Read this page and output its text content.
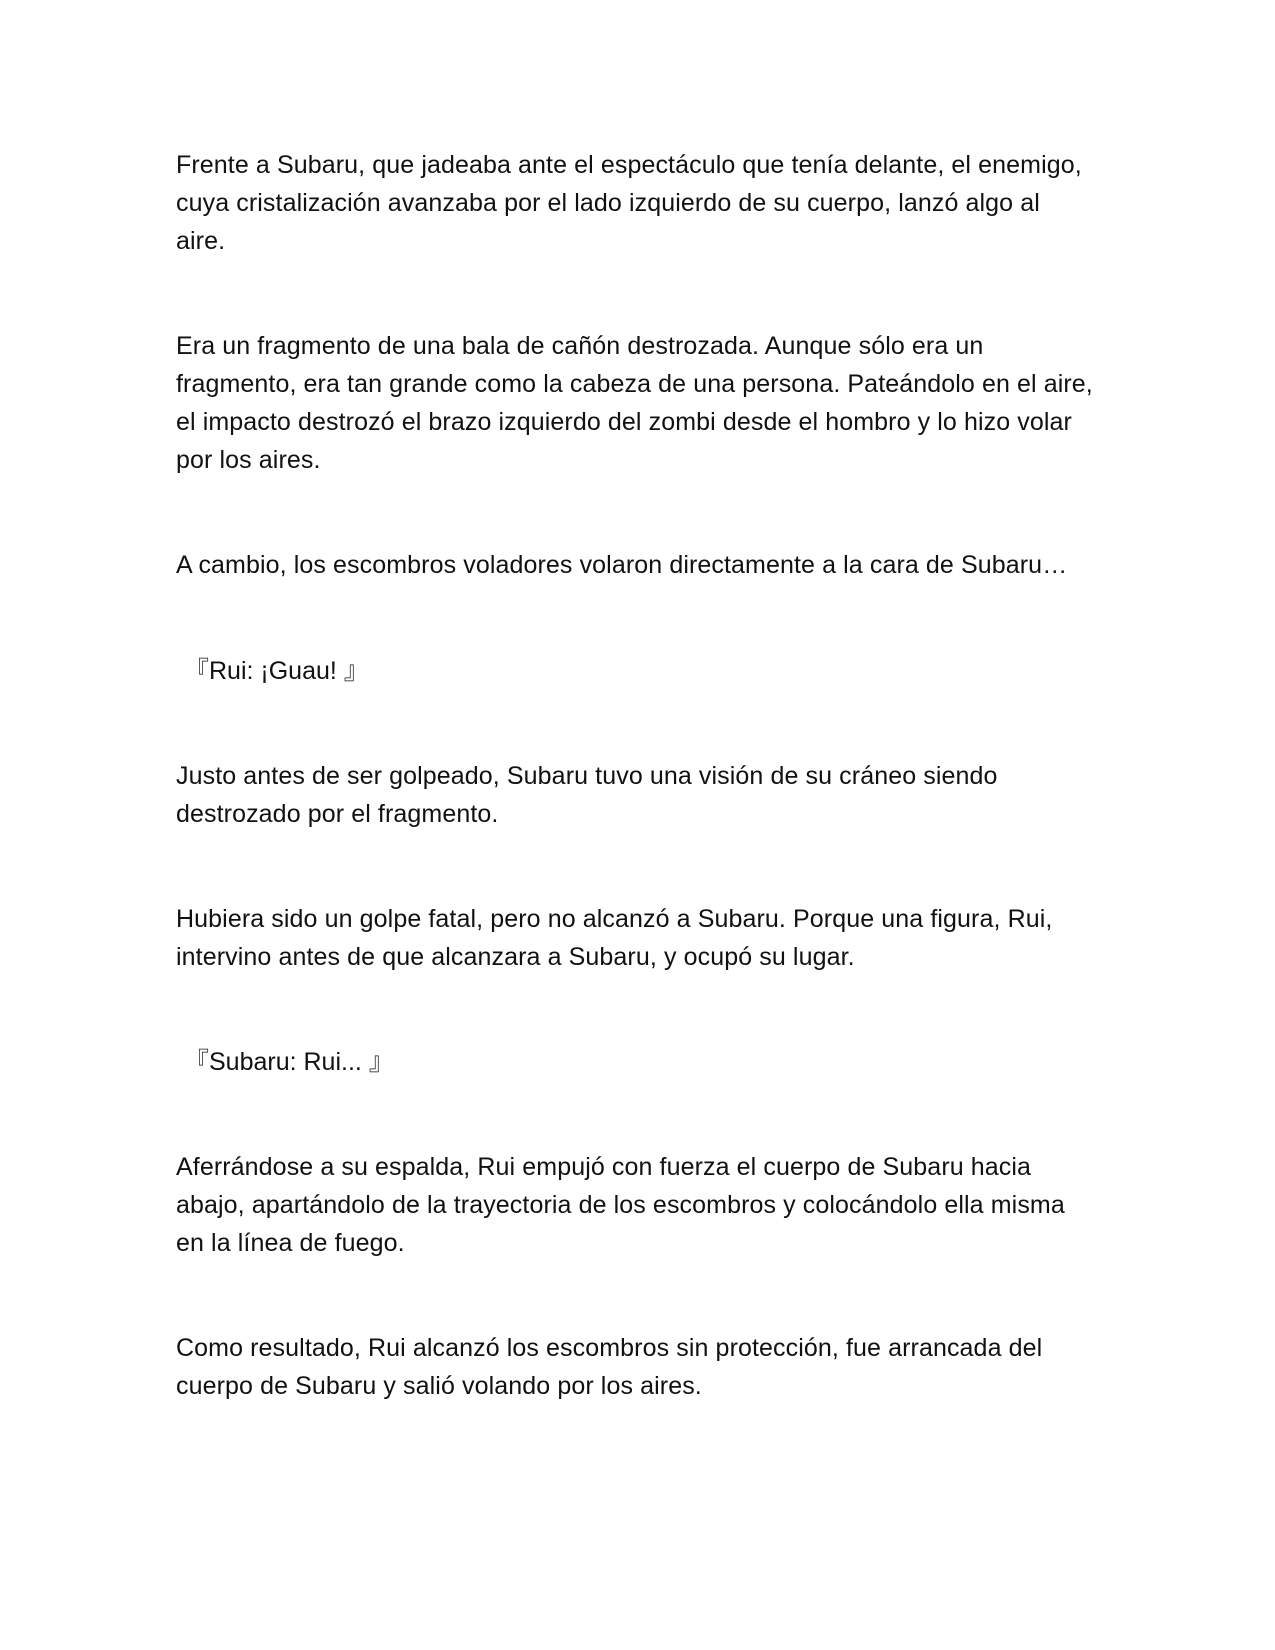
Frente a Subaru, que jadeaba ante el espectáculo que tenía delante, el enemigo, cuya cristalización avanzaba por el lado izquierdo de su cuerpo, lanzó algo al aire.

Era un fragmento de una bala de cañón destrozada. Aunque sólo era un fragmento, era tan grande como la cabeza de una persona. Pateándolo en el aire, el impacto destrozó el brazo izquierdo del zombi desde el hombro y lo hizo volar por los aires.

A cambio, los escombros voladores volaron directamente a la cara de Subaru…

『Rui: ¡Guau! 』

Justo antes de ser golpeado, Subaru tuvo una visión de su cráneo siendo destrozado por el fragmento.

Hubiera sido un golpe fatal, pero no alcanzó a Subaru. Porque una figura, Rui, intervino antes de que alcanzara a Subaru, y ocupó su lugar.

『Subaru: Rui... 』

Aferrándose a su espalda, Rui empujó con fuerza el cuerpo de Subaru hacia abajo, apartándolo de la trayectoria de los escombros y colocándolo ella misma en la línea de fuego.

Como resultado, Rui alcanzó los escombros sin protección, fue arrancada del cuerpo de Subaru y salió volando por los aires.
